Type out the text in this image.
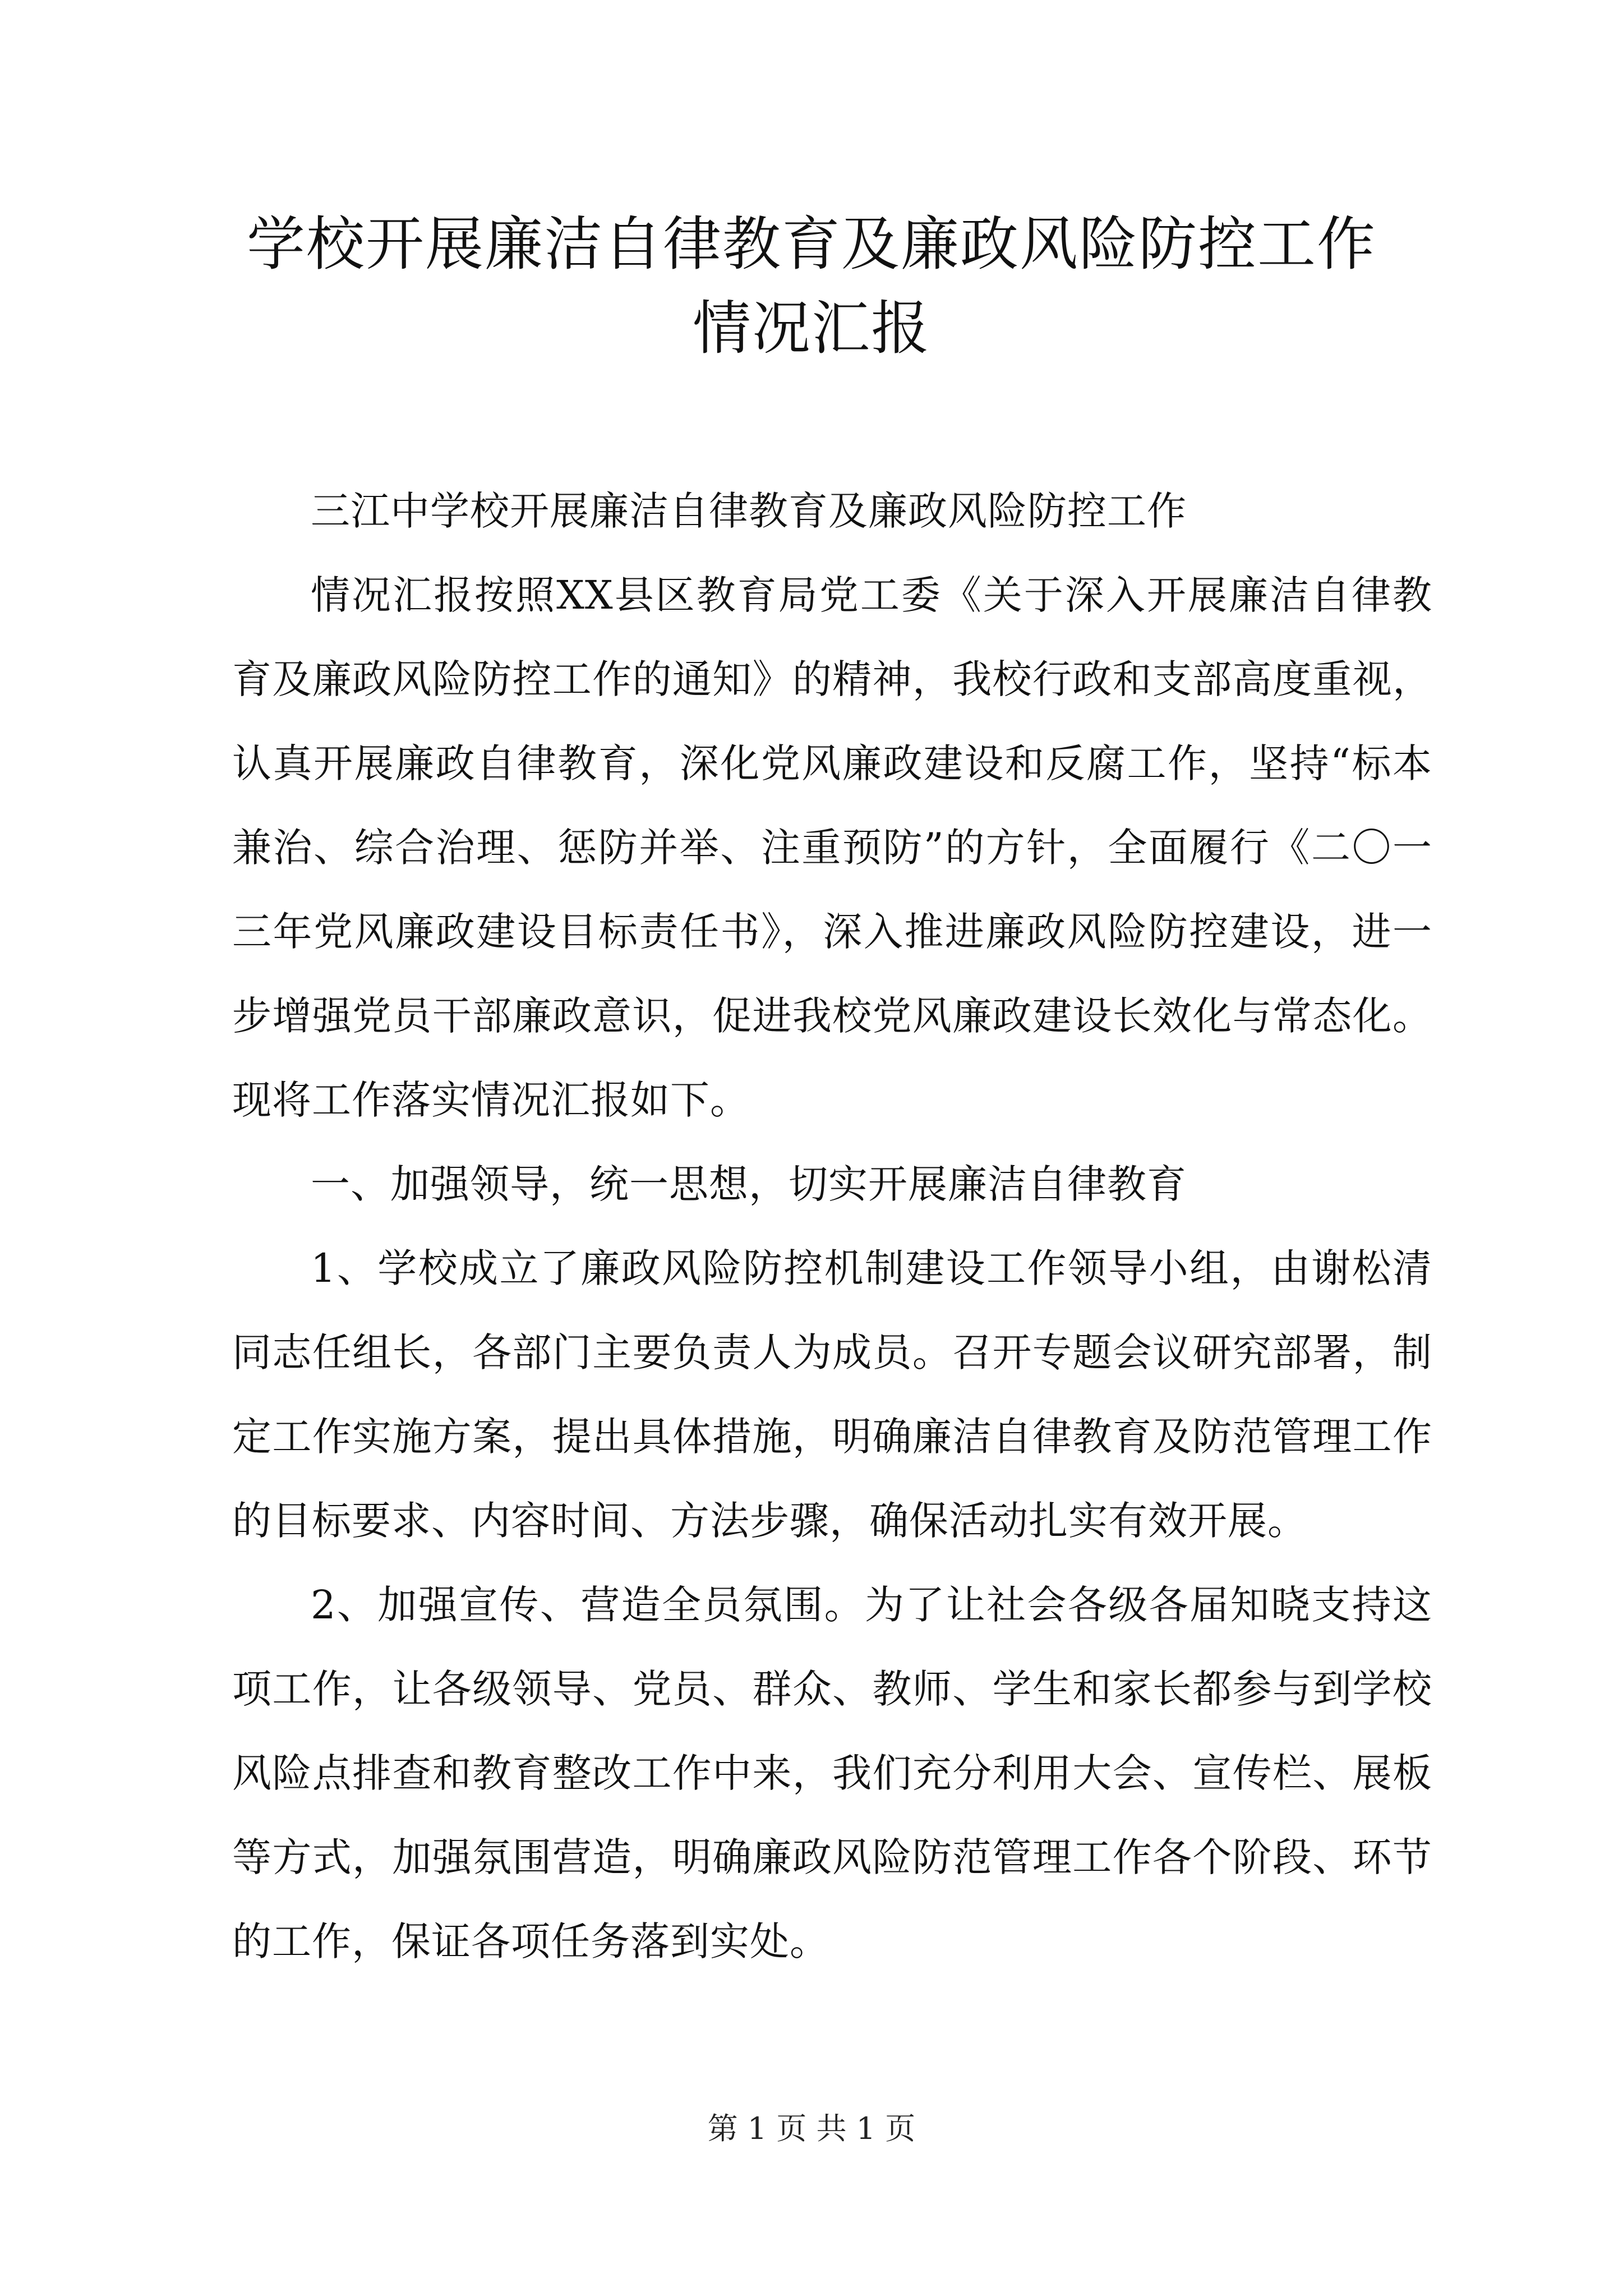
学校开展廉洁自律教育及廉政风险防控工作情况汇报

三江中学校开展廉洁自律教育及廉政风险防控工作

情况汇报按照XX县区教育局党工委《关于深入开展廉洁自律教育及廉政风险防控工作的通知》的精神，我校行政和支部高度重视，认真开展廉政自律教育，深化党风廉政建设和反腐工作，坚持“标本兼治、综合治理、惩防并举、注重预防”的方针，全面履行《二〇一三年党风廉政建设目标责任书》，深入推进廉政风险防控建设，进一步增强党员干部廉政意识，促进我校党风廉政建设长效化与常态化。现将工作落实情况汇报如下。

一、加强领导，统一思想，切实开展廉洁自律教育

1、学校成立了廉政风险防控机制建设工作领导小组，由谢松清同志任组长，各部门主要负责人为成员。召开专题会议研究部署，制定工作实施方案，提出具体措施，明确廉洁自律教育及防范管理工作的目标要求、内容时间、方法步骤，确保活动扎实有效开展。

2、加强宣传、营造全员氛围。为了让社会各级各届知晓支持这项工作，让各级领导、党员、群众、教师、学生和家长都参与到学校风险点排查和教育整改工作中来，我们充分利用大会、宣传栏、展板等方式，加强氛围营造，明确廉政风险防范管理工作各个阶段、环节的工作，保证各项任务落到实处。

第 1 页 共 1 页
